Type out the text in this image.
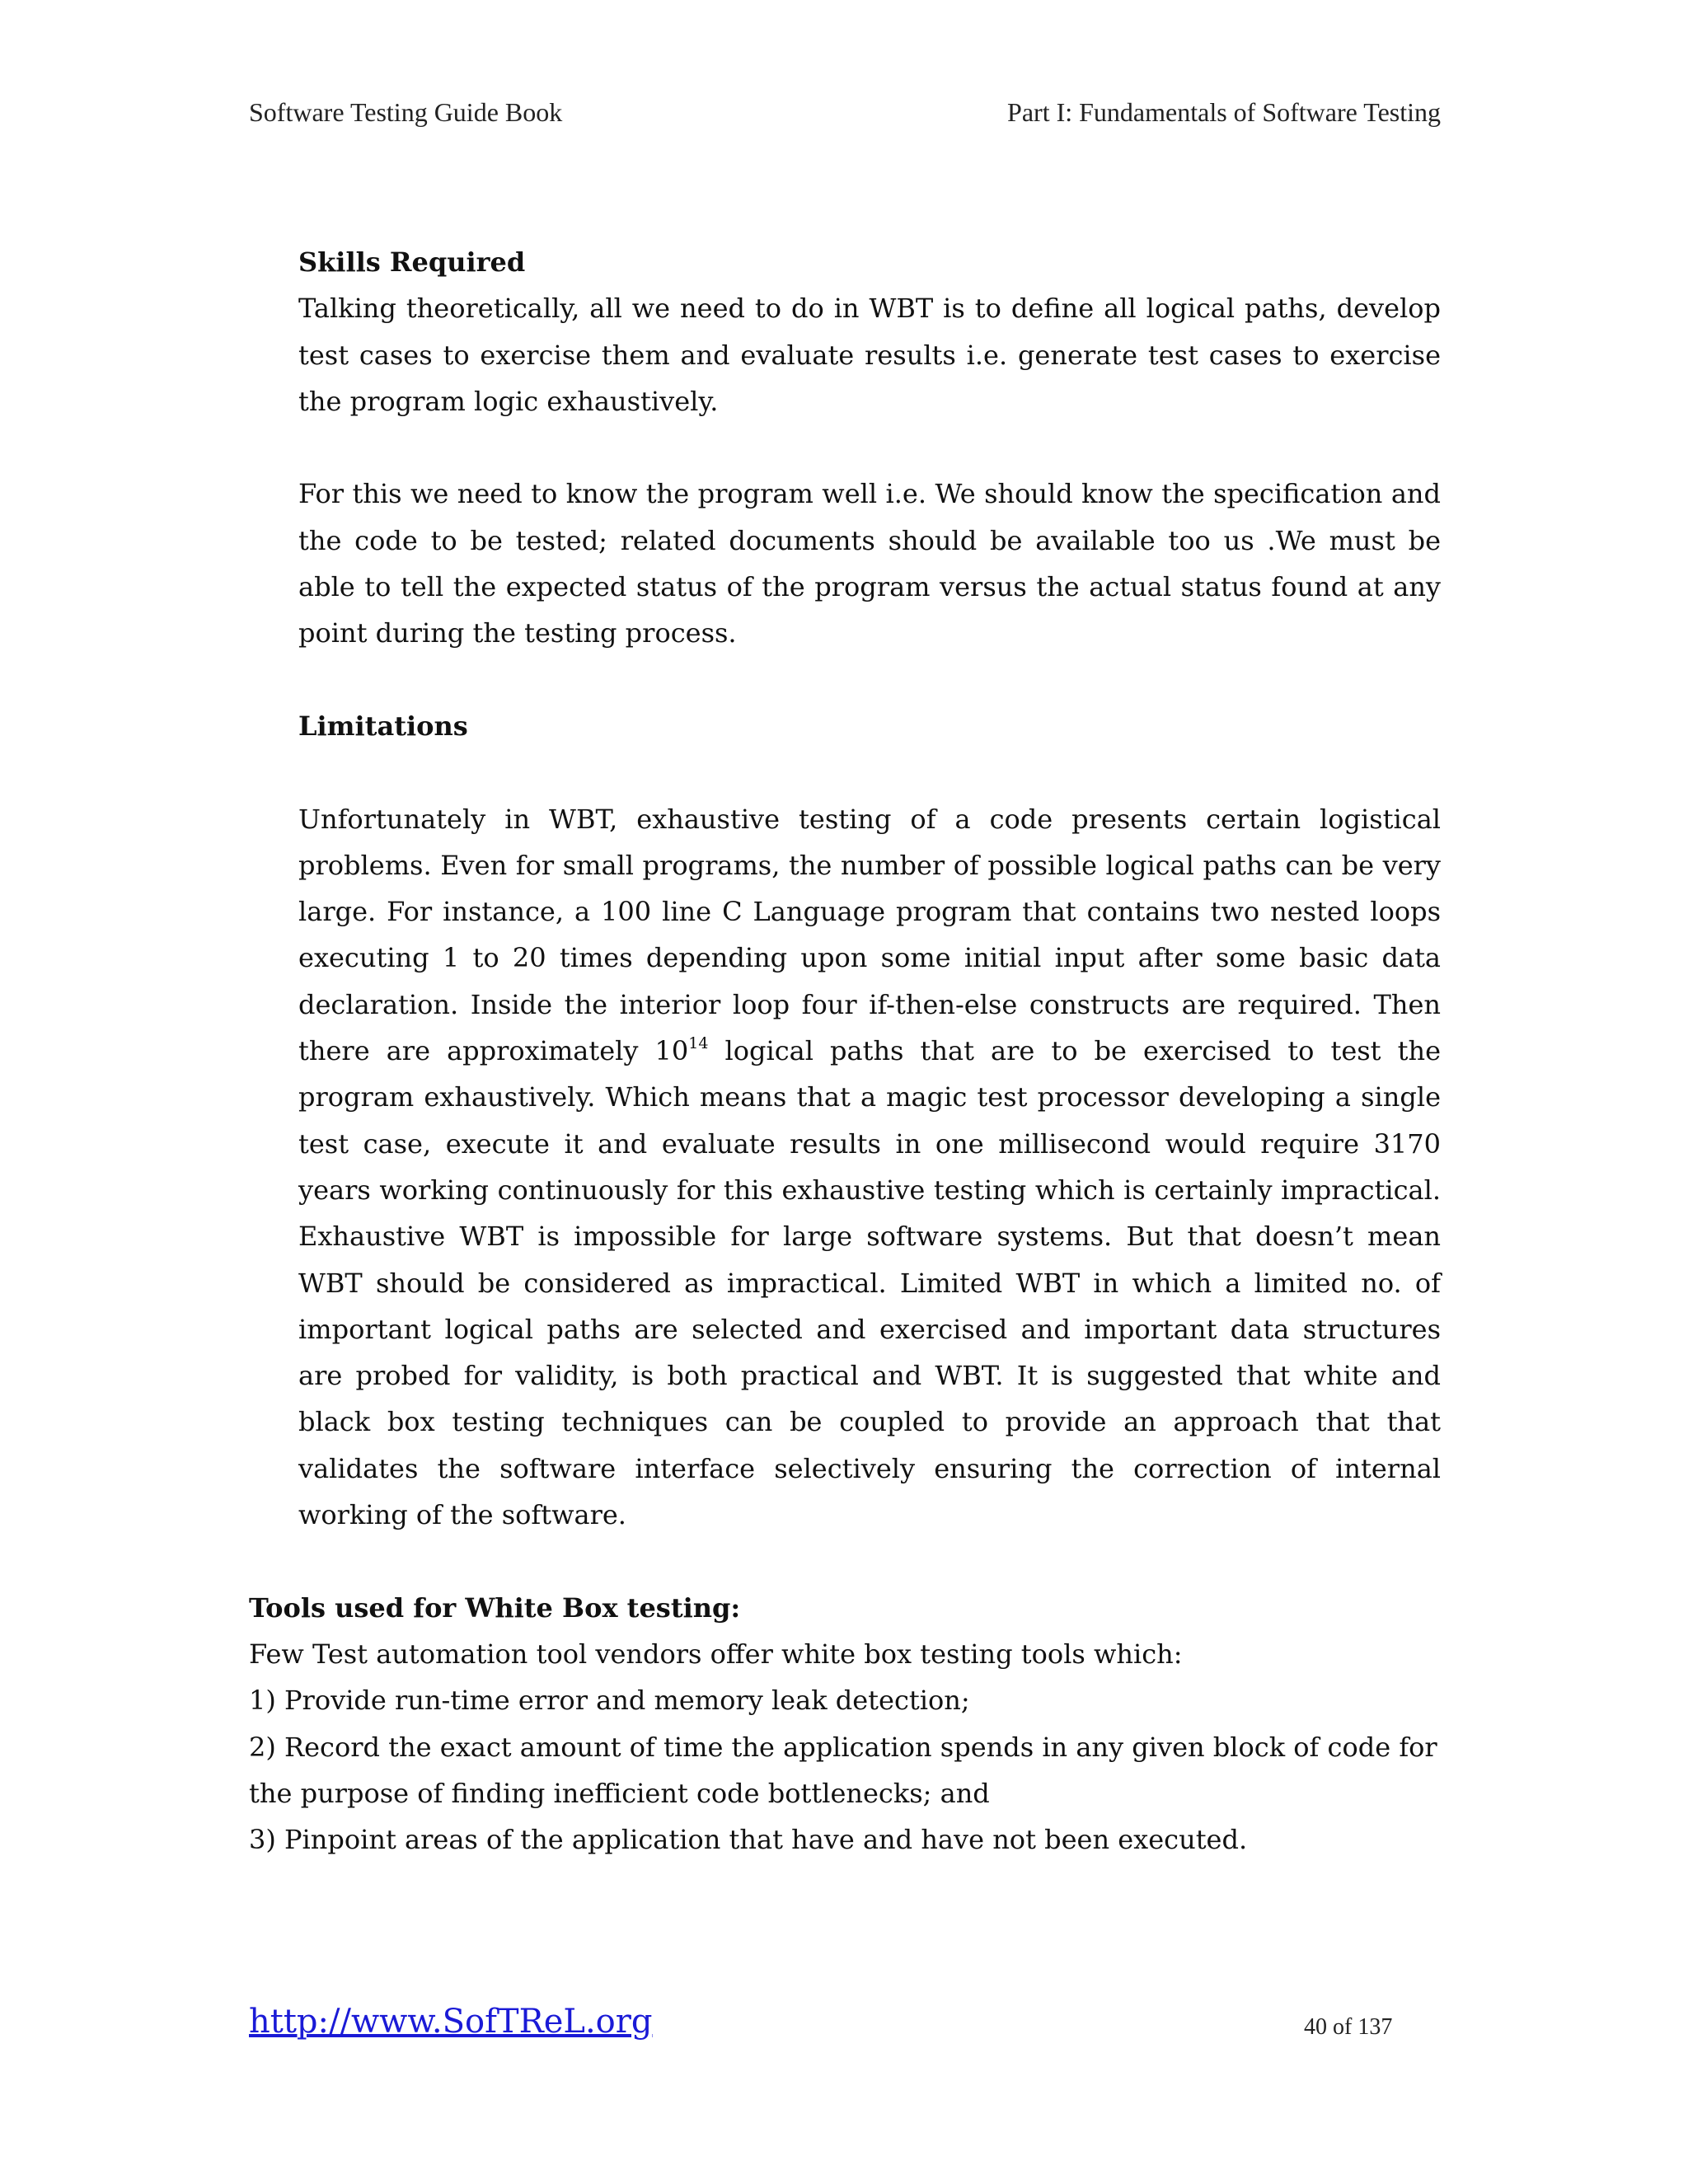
Software Testing Guide Book	Part I: Fundamentals of Software Testing

Skills Required

Talking theoretically, all we need to do in WBT is to define all logical paths, develop test cases to exercise them and evaluate results i.e. generate test cases to exercise the program logic exhaustively.

For this we need to know the program well i.e. We should know the specification and the code to be tested; related documents should be available too us .We must be able to tell the expected status of the program versus the actual status found at any point during the testing process.

Limitations

Unfortunately in WBT, exhaustive testing of a code presents certain logistical problems. Even for small programs, the number of possible logical paths can be very large. For instance, a 100 line C Language program that contains two nested loops executing 1 to 20 times depending upon some initial input after some basic data declaration. Inside the interior loop four if-then-else constructs are required. Then there are approximately $10^{14}$ logical paths that are to be exercised to test the program exhaustively. Which means that a magic test processor developing a single test case, execute it and evaluate results in one millisecond would require 3170 years working continuously for this exhaustive testing which is certainly impractical. Exhaustive WBT is impossible for large software systems. But that doesn’t mean WBT should be considered as impractical. Limited WBT in which a limited no. of important logical paths are selected and exercised and important data structures are probed for validity, is both practical and WBT. It is suggested that white and black box testing techniques can be coupled to provide an approach that that validates the software interface selectively ensuring the correction of internal working of the software.

Tools used for White Box testing:

Few Test automation tool vendors offer white box testing tools which:

1) Provide run-time error and memory leak detection;

2) Record the exact amount of time the application spends in any given block of code for the purpose of finding inefficient code bottlenecks; and

3) Pinpoint areas of the application that have and have not been executed.

http://www.SofTReL.org	40 of 137
